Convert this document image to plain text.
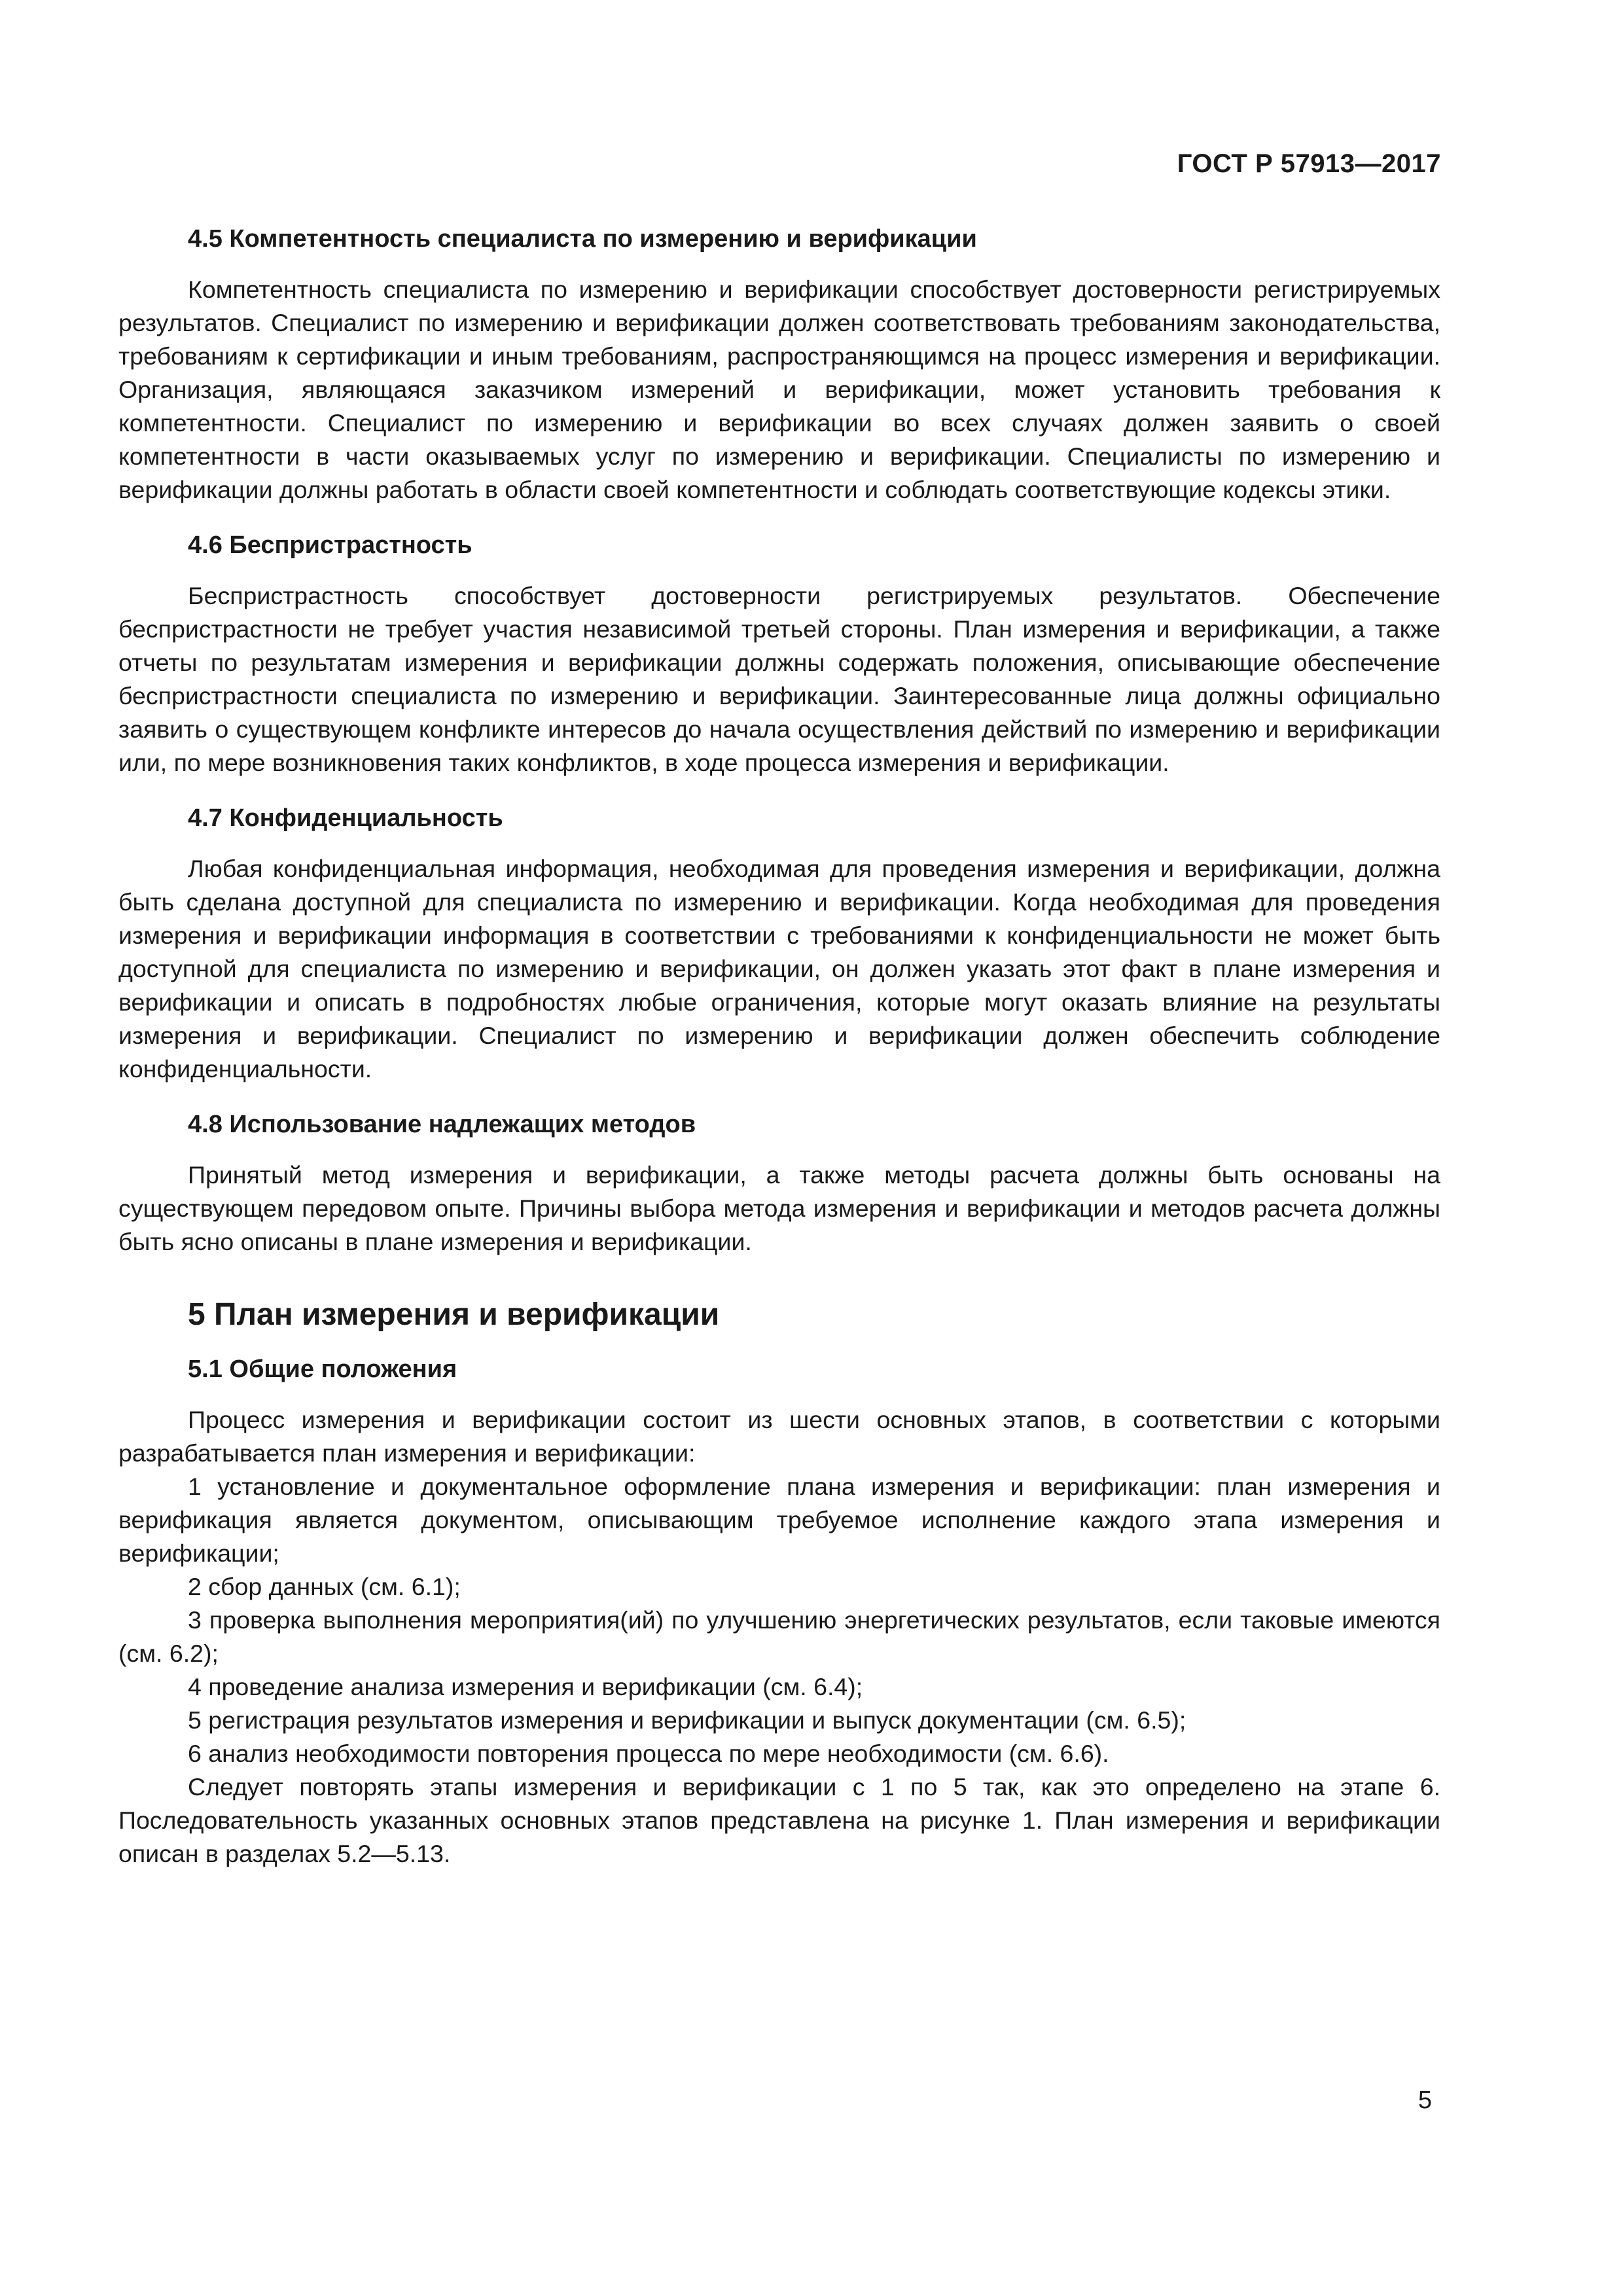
ГОСТ Р 57913—2017
4.5 Компетентность специалиста по измерению и верификации

Компетентность специалиста по измерению и верификации способствует достоверности регистрируемых результатов. Специалист по измерению и верификации должен соответствовать требованиям законодательства, требованиям к сертификации и иным требованиям, распространяющимся на процесс измерения и верификации. Организация, являющаяся заказчиком измерений и верификации, может установить требования к компетентности. Специалист по измерению и верификации во всех случаях должен заявить о своей компетентности в части оказываемых услуг по измерению и верификации. Специалисты по измерению и верификации должны работать в области своей компетентности и соблюдать соответствующие кодексы этики.

4.6 Беспристрастность

Беспристрастность способствует достоверности регистрируемых результатов. Обеспечение беспристрастности не требует участия независимой третьей стороны. План измерения и верификации, а также отчеты по результатам измерения и верификации должны содержать положения, описывающие обеспечение беспристрастности специалиста по измерению и верификации. Заинтересованные лица должны официально заявить о существующем конфликте интересов до начала осуществления действий по измерению и верификации или, по мере возникновения таких конфликтов, в ходе процесса измерения и верификации.

4.7 Конфиденциальность

Любая конфиденциальная информация, необходимая для проведения измерения и верификации, должна быть сделана доступной для специалиста по измерению и верификации. Когда необходимая для проведения измерения и верификации информация в соответствии с требованиями к конфиденциальности не может быть доступной для специалиста по измерению и верификации, он должен указать этот факт в плане измерения и верификации и описать в подробностях любые ограничения, которые могут оказать влияние на результаты измерения и верификации. Специалист по измерению и верификации должен обеспечить соблюдение конфиденциальности.

4.8 Использование надлежащих методов

Принятый метод измерения и верификации, а также методы расчета должны быть основаны на существующем передовом опыте. Причины выбора метода измерения и верификации и методов расчета должны быть ясно описаны в плане измерения и верификации.

5 План измерения и верификации
5.1 Общие положения

Процесс измерения и верификации состоит из шести основных этапов, в соответствии с которыми разрабатывается план измерения и верификации:

1 установление и документальное оформление плана измерения и верификации: план измерения и верификация является документом, описывающим требуемое исполнение каждого этапа измерения и верификации;

2 сбор данных (см. 6.1);

3 проверка выполнения мероприятия(ий) по улучшению энергетических результатов, если таковые имеются (см. 6.2);

4 проведение анализа измерения и верификации (см. 6.4);

5 регистрация результатов измерения и верификации и выпуск документации (см. 6.5);

6 анализ необходимости повторения процесса по мере необходимости (см. 6.6).

Следует повторять этапы измерения и верификации с 1 по 5 так, как это определено на этапе 6. Последовательность указанных основных этапов представлена на рисунке 1. План измерения и верификации описан в разделах 5.2—5.13.

5
